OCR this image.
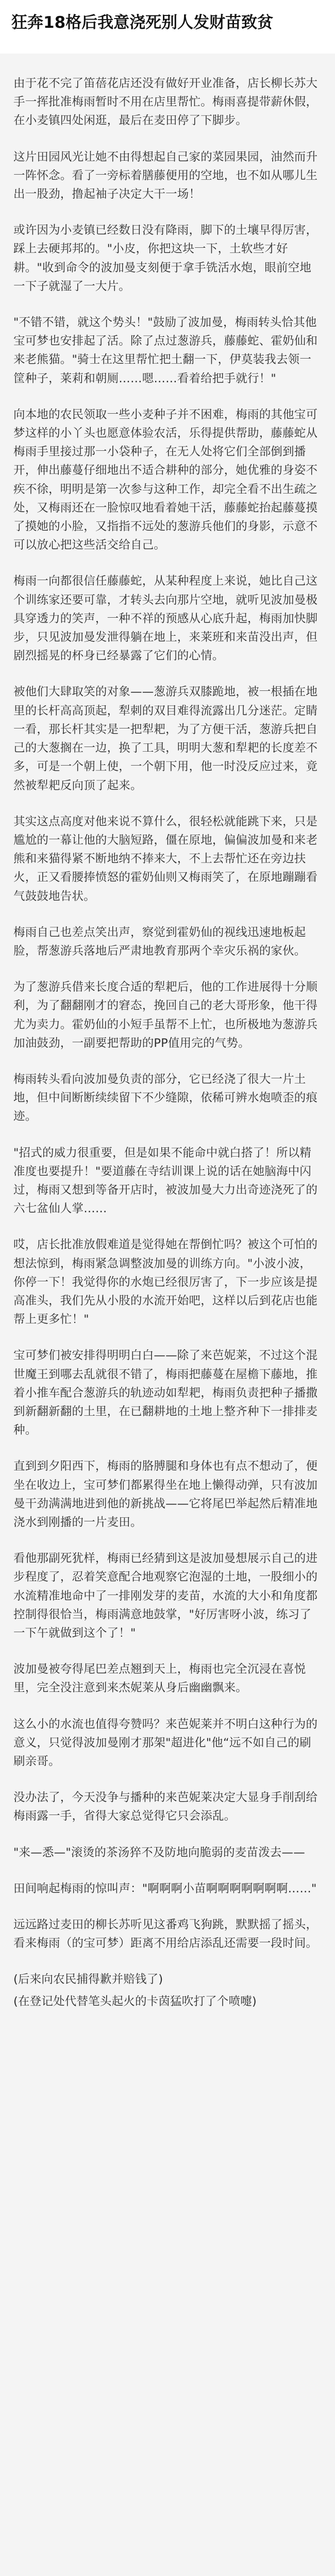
狂奔18格后我意浇死别人发财苗致贫

由于花不完了笛蓓花店还没有做好开业准备，店长柳长苏大手一挥批准梅雨暂时不用在店里帮忙。梅雨喜提带薪休假，在小麦镇四处闲逛，最后在麦田停了下脚步。

这片田园风光让她不由得想起自己家的菜园果园，油然而升一阵怀念。看了一旁标着膳藤便用的空地，也不如从哪儿生出一股劲，撸起袖子决定大干一场！

或许因为小麦镇已经数日没有降雨，脚下的土壤早得厉害，踩上去硬邦邦的。"小皮，你把这块一下，土软些才好耕。"收到命令的波加曼支刻便于拿手铣活水炮，眼前空地一下子就湿了一大片。

"不错不错，就这个势头！"鼓励了波加曼，梅雨转头恰其他宝可梦也安排起了活。除了点过葱游兵，藤藤蛇、霍奶仙和来老熊猫。"骑士在这里帮忙把土翻一下，伊莫装我去领一筐种子，莱莉和朝厕……嗯……看着给把手就行！"

向本地的农民领取一些小麦种子并不困难，梅雨的其他宝可梦这样的小丫头也愿意体验农活，乐得提供帮助，藤藤蛇从梅雨手里接过那一小袋种子，在无人处将它们全部倒到播开，伸出藤蔓仔细地出不适合耕种的部分，她优雅的身姿不疾不徐，明明是第一次参与这种工作，却完全看不出生疏之处，又梅雨还在一脸惊叹地看着她干活，藤藤蛇抬起藤蔓摸了摸她的小脸，又指指不远处的葱游兵他们的身影，示意不可以放心把这些活交给自己。

梅雨一向都很信任藤藤蛇，从某种程度上来说，她比自己这个训练家还要可靠，才转头去向那片空地，就听见波加曼极具穿透力的笑声，一种不祥的预感从心底升起，梅雨加快脚步，只见波加曼发泄得躺在地上，来莱班和来苗没出声，但剧烈摇晃的杯身已经暴露了它们的心情。

被他们大肆取笑的对象——葱游兵双膝跪地，被一根插在地里的长杆高高顶起，犁刺的双目难得流露出几分迷茫。定睛一看，那长杆其实是一把犁耙，为了方便干活，葱游兵把自己的大葱搁在一边，换了工具，明明大葱和犁耙的长度差不多，可是一个朝上使，一个朝下用，他一时没反应过来，竟然被犁耙反向顶了起来。

其实这点高度对他来说不算什么，很轻松就能跳下来，只是尴尬的一幕让他的大脑短路，僵在原地，偏偏波加曼和来老熊和来猫得紧不断地纳不捧来大，不上去帮忙还在旁边扶火，正又看腰捧愤怒的霍奶仙则又梅雨笑了，在原地蹦蹦看气鼓鼓地告状。

梅雨自己也差点笑出声，察觉到霍奶仙的视线迅速地板起脸，帮葱游兵落地后严肃地教育那两个幸灾乐祸的家伙。

为了葱游兵借来长度合适的犁耙后，他的工作进展得十分顺利，为了翻翻刚才的窘态，挽回自己的老大哥形象，他干得尤为卖力。霍奶仙的小短手虽帮不上忙，也所极地为葱游兵加油鼓劲，一副要把帮助的PP值用完的气势。

梅雨转头看向波加曼负责的部分，它已经浇了很大一片土地，但中间断断续续留下不少缝隙，依稀可辨水炮喷歪的痕迹。

"招式的威力很重要，但是如果不能命中就白搭了！所以精准度也要提升！"要道藤在寺结训课上说的话在她脑海中闪过，梅雨又想到等备开店时，被波加曼大力出奇迹浇死了的六七盆仙人掌……

哎，店长批准放假难道是觉得她在帮倒忙吗？被这个可怕的想法惊到，梅雨紧急调整波加曼的训练方向。"小波小波，你停一下！我觉得你的水炮已经很厉害了，下一步应该是提高准头，我们先从小股的水流开始吧，这样以后到花店也能帮上更多忙！"

宝可梦们被安排得明明白白——除了来芭妮莱，不过这个混世魔王到哪去乱就很不错了，梅雨把藤蔓在屋檐下藤地，推着小推车配合葱游兵的轨迹动如犁耙，梅雨负责把种子播撒到新翻新翻的土里，在已翻耕地的土地上整齐种下一排排麦种。

直到到夕阳西下，梅雨的胳膊腿和身体也有点不想动了，便坐在收边上，宝可梦们都累得坐在地上懒得动弹，只有波加曼干劲满满地进到他的新挑战——它将尾巴举起然后精准地浇水到刚播的一片麦田。

看他那副死犹样，梅雨已经猜到这是波加曼想展示自己的进步程度了，忍着笑意配合地观察它泡湿的土地，一股细小的水流精准地命中了一排刚发芽的麦苗，水流的大小和角度都控制得很恰当，梅雨满意地鼓掌，"好厉害呀小波，练习了一下午就做到这个了！"

波加曼被夸得尾巴差点翘到天上，梅雨也完全沉浸在喜悦里，完全没注意到来杰妮莱从身后幽幽飘来。

这么小的水流也值得夸赞吗？来芭妮莱并不明白这种行为的意义，只觉得波加曼刚才那架"超进化"他“远不如自己的刷刷亲哥。

没办法了，今天没争与播种的来芭妮莱决定大显身手削刮给梅雨露一手，省得大家总觉得它只会添乱。

"来—悉—"滚烫的茶汤猝不及防地向脆弱的麦苗泼去——

田间响起梅雨的惊叫声："啊啊啊小苗啊啊啊啊啊啊啊……"

远远路过麦田的柳长苏听见这番鸡飞狗跳，默默摇了摇头，看来梅雨（的宝可梦）距离不用给店添乱还需要一段时间。

(后来向农民捕得歉并赔钱了)

(在登记处代替笔头起火的卡茵猛吹打了个喷嚏)
